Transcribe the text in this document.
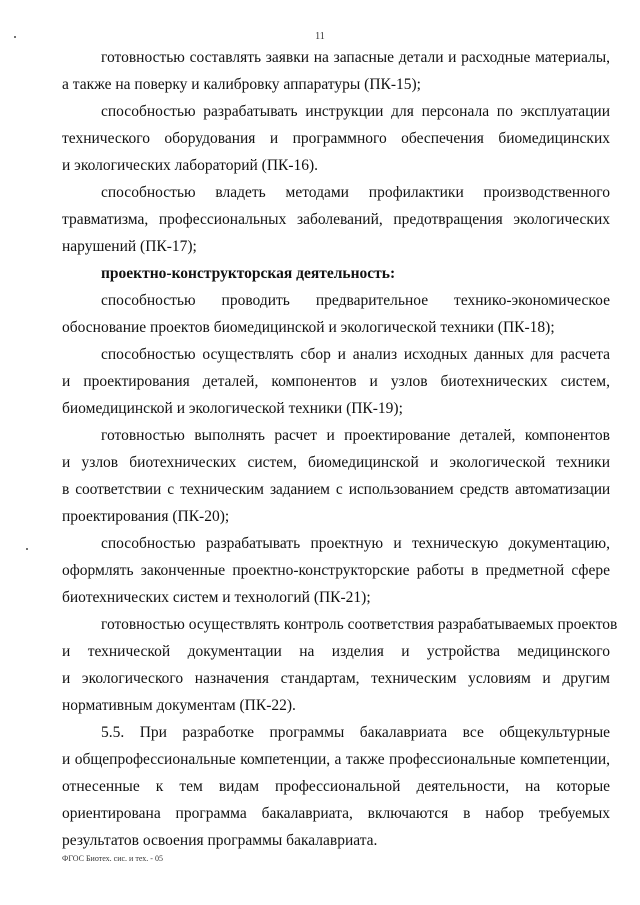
11
готовностью составлять заявки на запасные детали и расходные материалы,
а также на поверку и калибровку аппаратуры (ПК-15);
способностью разрабатывать инструкции для персонала по эксплуатации
технического оборудования и программного обеспечения биомедицинских
и экологических лабораторий (ПК-16).
способностью владеть методами профилактики производственного
травматизма, профессиональных заболеваний, предотвращения экологических
нарушений (ПК-17);
проектно-конструкторская деятельность:
способностью проводить предварительное технико-экономическое
обоснование проектов биомедицинской и экологической техники (ПК-18);
способностью осуществлять сбор и анализ исходных данных для расчета
и проектирования деталей, компонентов и узлов биотехнических систем,
биомедицинской и экологической техники (ПК-19);
готовностью выполнять расчет и проектирование деталей, компонентов
и узлов биотехнических систем, биомедицинской и экологической техники
в соответствии с техническим заданием с использованием средств автоматизации
проектирования (ПК-20);
способностью разрабатывать проектную и техническую документацию,
оформлять законченные проектно-конструкторские работы в предметной сфере
биотехнических систем и технологий (ПК-21);
готовностью осуществлять контроль соответствия разрабатываемых проектов
и технической документации на изделия и устройства медицинского
и экологического назначения стандартам, техническим условиям и другим
нормативным документам (ПК-22).
5.5. При разработке программы бакалавриата все общекультурные
и общепрофессиональные компетенции, а также профессиональные компетенции,
отнесенные к тем видам профессиональной деятельности, на которые
ориентирована программа бакалавриата, включаются в набор требуемых
результатов освоения программы бакалавриата.
ФГОС Биотех. сис. и тех. - 05
